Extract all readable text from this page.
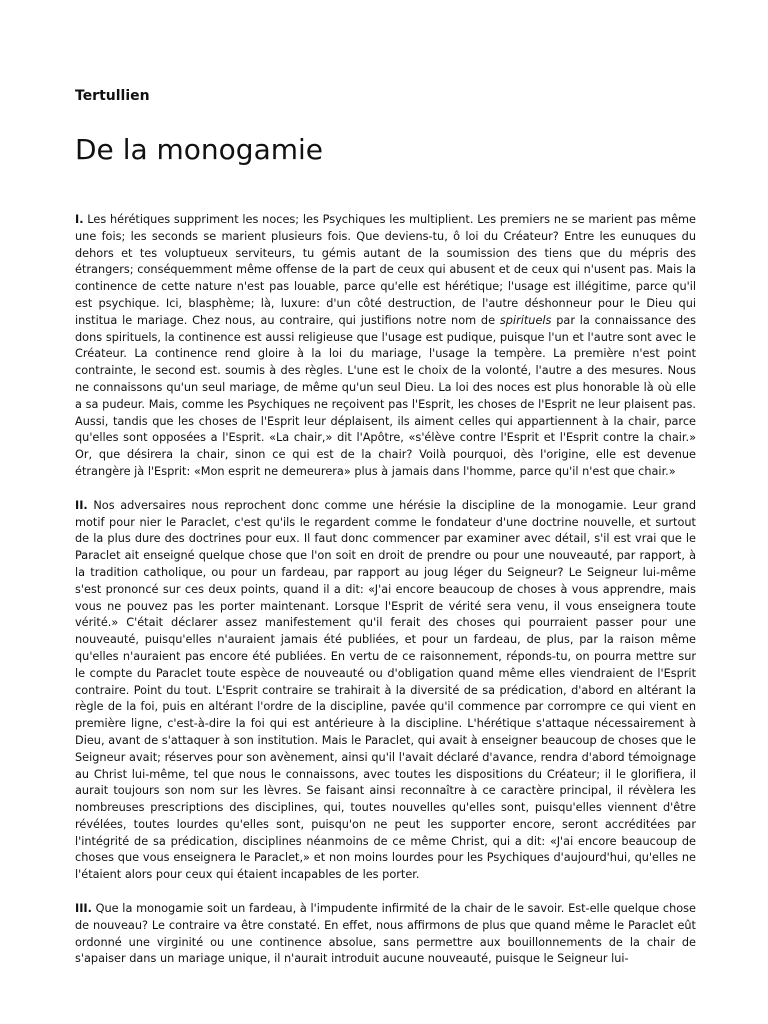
Tertullien

De la monogamie

I. Les hérétiques suppriment les noces; les Psychiques les multiplient. Les premiers ne se marient pas même une fois; les seconds se marient plusieurs fois. Que deviens-tu, ô loi du Créateur? Entre les eunuques du dehors et tes voluptueux serviteurs, tu gémis autant de la soumission des tiens que du mépris des étrangers; conséquemment même offense de la part de ceux qui abusent et de ceux qui n'usent pas. Mais la continence de cette nature n'est pas louable, parce qu'elle est hérétique; l'usage est illégitime, parce qu'il est psychique. Ici, blasphème; là, luxure: d'un côté destruction, de l'autre déshonneur pour le Dieu qui institua le mariage. Chez nous, au contraire, qui justifions notre nom de spirituels par la connaissance des dons spirituels, la continence est aussi religieuse que l'usage est pudique, puisque l'un et l'autre sont avec le Créateur. La continence rend gloire à la loi du mariage, l'usage la tempère. La première n'est point contrainte, le second est. soumis à des règles. L'une est le choix de la volonté, l'autre a des mesures. Nous ne connaissons qu'un seul mariage, de même qu'un seul Dieu. La loi des noces est plus honorable là où elle a sa pudeur. Mais, comme les Psychiques ne reçoivent pas l'Esprit, les choses de l'Esprit ne leur plaisent pas. Aussi, tandis que les choses de l'Esprit leur déplaisent, ils aiment celles qui appartiennent à la chair, parce qu'elles sont opposées a l'Esprit. «La chair,» dit l'Apôtre, «s'élève contre l'Esprit et l'Esprit contre la chair.» Or, que désirera la chair, sinon ce qui est de la chair? Voilà pourquoi, dès l'origine, elle est devenue étrangère jà l'Esprit: «Mon esprit ne demeurera» plus à jamais dans l'homme, parce qu'il n'est que chair.»

II. Nos adversaires nous reprochent donc comme une hérésie la discipline de la monogamie. Leur grand motif pour nier le Paraclet, c'est qu'ils le regardent comme le fondateur d'une doctrine nouvelle, et surtout de la plus dure des doctrines pour eux. Il faut donc commencer par examiner avec détail, s'il est vrai que le Paraclet ait enseigné quelque chose que l'on soit en droit de prendre ou pour une nouveauté, par rapport, à la tradition catholique, ou pour un fardeau, par rapport au joug léger du Seigneur? Le Seigneur lui-même s'est prononcé sur ces deux points, quand il a dit: «J'ai encore beaucoup de choses à vous apprendre, mais vous ne pouvez pas les porter maintenant. Lorsque l'Esprit de vérité sera venu, il vous enseignera toute vérité.» C'était déclarer assez manifestement qu'il ferait des choses qui pourraient passer pour une nouveauté, puisqu'elles n'auraient jamais été publiées, et pour un fardeau, de plus, par la raison même qu'elles n'auraient pas encore été publiées. En vertu de ce raisonnement, réponds-tu, on pourra mettre sur le compte du Paraclet toute espèce de nouveauté ou d'obligation quand même elles viendraient de l'Esprit contraire. Point du tout. L'Esprit contraire se trahirait à la diversité de sa prédication, d'abord en altérant la règle de la foi, puis en altérant l'ordre de la discipline, pavée qu'il commence par corrompre ce qui vient en première ligne, c'est-à-dire la foi qui est antérieure à la discipline. L'hérétique s'attaque nécessairement à Dieu, avant de s'attaquer à son institution. Mais le Paraclet, qui avait à enseigner beaucoup de choses que le Seigneur avait; réserves pour son avènement, ainsi qu'il l'avait déclaré d'avance, rendra d'abord témoignage au Christ lui-même, tel que nous le connaissons, avec toutes les dispositions du Créateur; il le glorifiera, il aurait toujours son nom sur les lèvres. Se faisant ainsi reconnaître à ce caractère principal, il révèlera les nombreuses prescriptions des disciplines, qui, toutes nouvelles qu'elles sont, puisqu'elles viennent d'être révélées, toutes lourdes qu'elles sont, puisqu'on ne peut les supporter encore, seront accréditées par l'intégrité de sa prédication, disciplines néanmoins de ce même Christ, qui a dit: «J'ai encore beaucoup de choses que vous enseignera le Paraclet,» et non moins lourdes pour les Psychiques d'aujourd'hui, qu'elles ne l'étaient alors pour ceux qui étaient incapables de les porter.

III. Que la monogamie soit un fardeau, à l'impudente infirmité de la chair de le savoir. Est-elle quelque chose de nouveau? Le contraire va être constaté. En effet, nous affirmons de plus que quand même le Paraclet eût ordonné une virginité ou une continence absolue, sans permettre aux bouillonnements de la chair de s'apaiser dans un mariage unique, il n'aurait introduit aucune nouveauté, puisque le Seigneur lui-
